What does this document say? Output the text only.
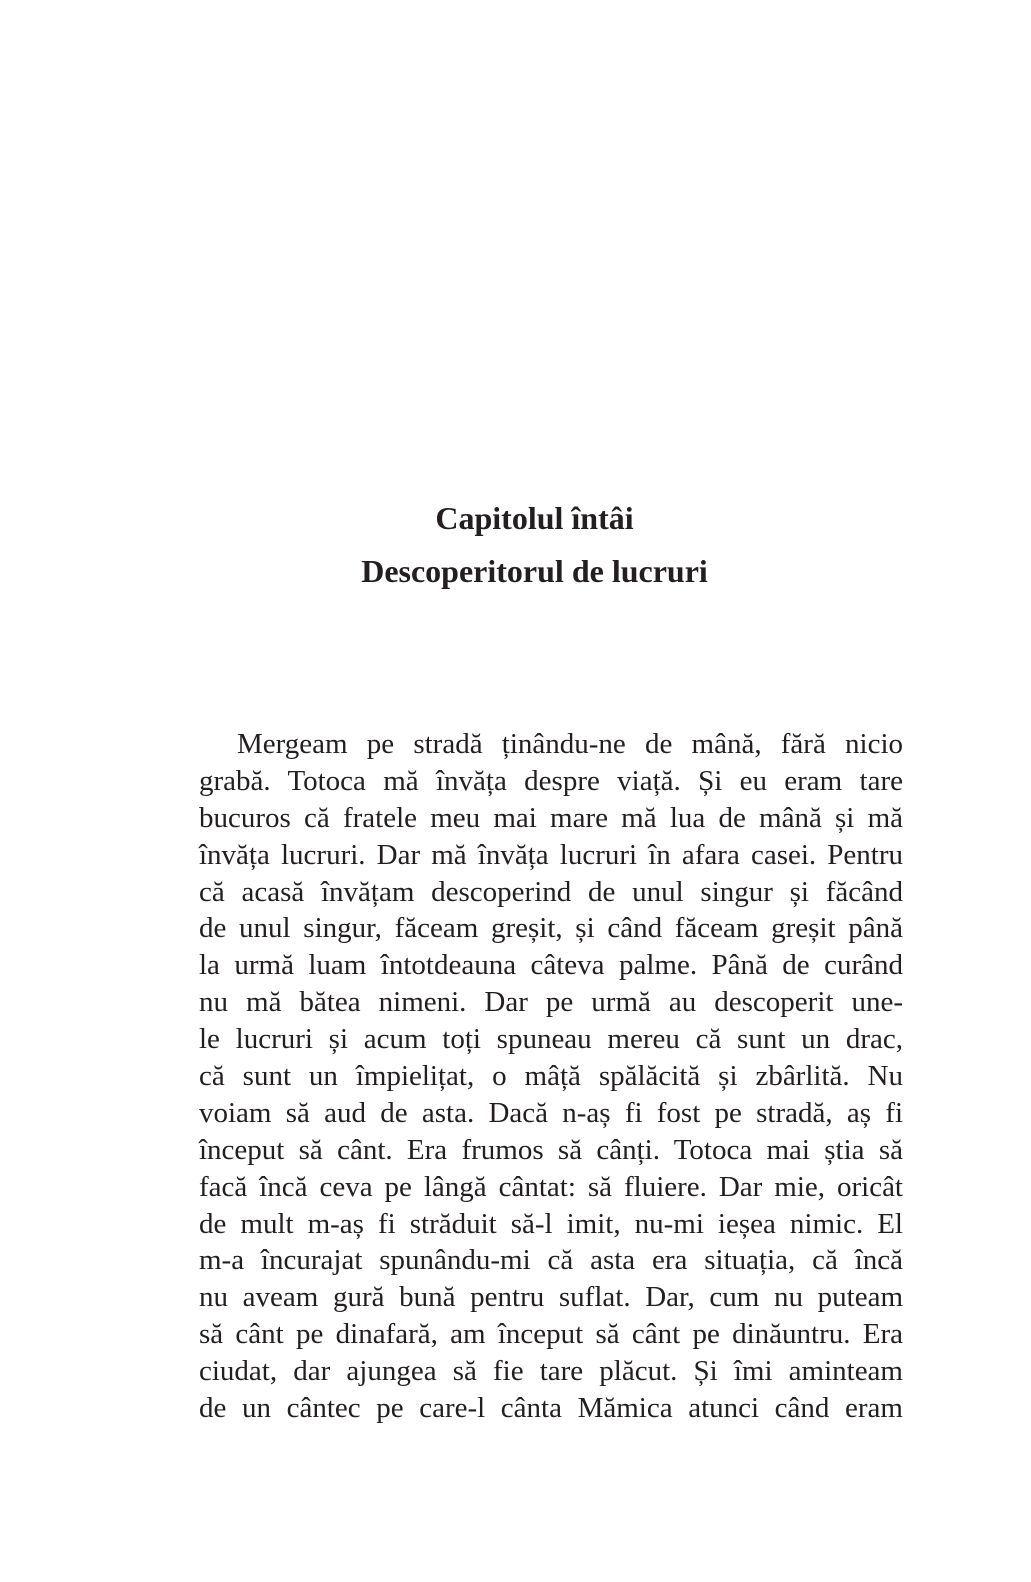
Capitolul întâi
Descoperitorul de lucruri
Mergeam pe stradă ținându-ne de mână, fără nicio
grabă. Totoca mă învăța despre viață. Și eu eram tare
bucuros că fratele meu mai mare mă lua de mână și mă
învăța lucruri. Dar mă învăța lucruri în afara casei. Pentru
că acasă învățam descoperind de unul singur și făcând
de unul singur, făceam greșit, și când făceam greșit până
la urmă luam întotdeauna câteva palme. Până de curând
nu mă bătea nimeni. Dar pe urmă au descoperit une-
le lucruri și acum toți spuneau mereu că sunt un drac,
că sunt un împielițat, o mâță spălăcită și zbârlită. Nu
voiam să aud de asta. Dacă n-aș fi fost pe stradă, aș fi
început să cânt. Era frumos să cânți. Totoca mai știa să
facă încă ceva pe lângă cântat: să fluiere. Dar mie, oricât
de mult m-aș fi străduit să-l imit, nu-mi ieșea nimic. El
m-a încurajat spunându-mi că asta era situația, că încă
nu aveam gură bună pentru suflat. Dar, cum nu puteam
să cânt pe dinafară, am început să cânt pe dinăuntru. Era
ciudat, dar ajungea să fie tare plăcut. Și îmi aminteam
de un cântec pe care-l cânta Mămica atunci când eram
